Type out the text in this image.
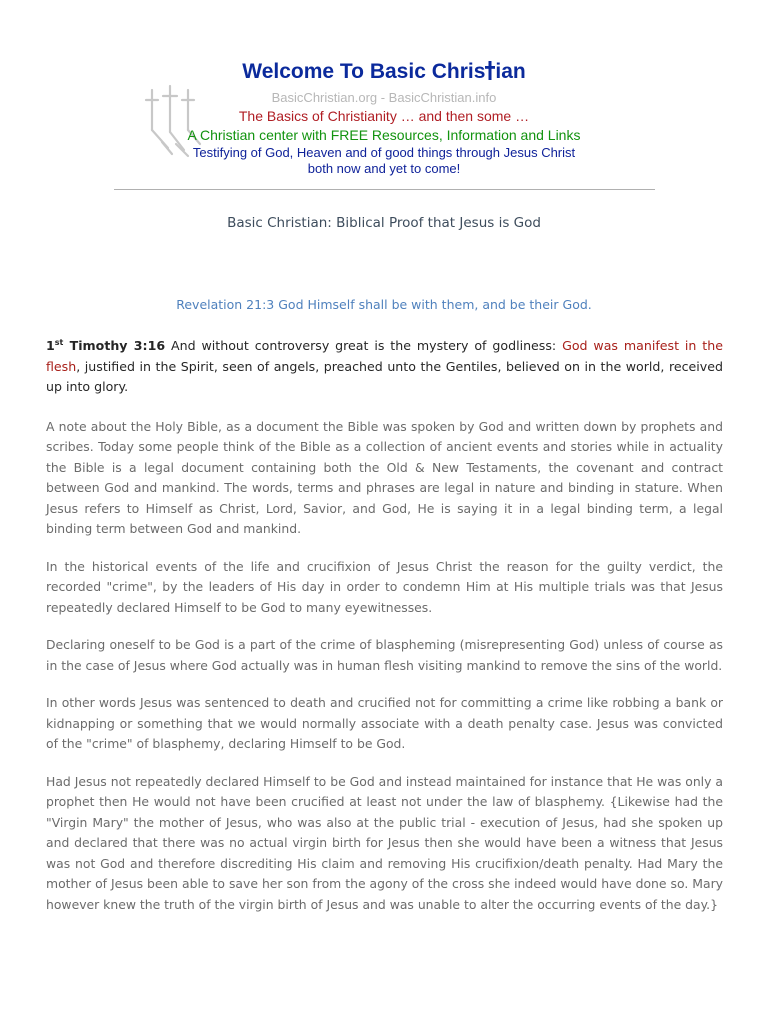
Welcome To Basic Chris ian

BasicChristian.org - BasicChristian.info

The Basics of Christianity … and then some …

A Christian center with FREE Resources, Information and Links

Testifying of God, Heaven and of good things through Jesus Christ

both now and yet to come!

Basic Christian: Biblical Proof that Jesus is God

Revelation 21:3 God Himself shall be with them, and be their God.

1st Timothy 3:16 And without controversy great is the mystery of godliness: God was manifest in the flesh, justified in the Spirit, seen of angels, preached unto the Gentiles, believed on in the world, received up into glory.

A note about the Holy Bible, as a document the Bible was spoken by God and written down by prophets and scribes. Today some people think of the Bible as a collection of ancient events and stories while in actuality the Bible is a legal document containing both the Old & New Testaments, the covenant and contract between God and mankind. The words, terms and phrases are legal in nature and binding in stature. When Jesus refers to Himself as Christ, Lord, Savior, and God, He is saying it in a legal binding term, a legal binding term between God and mankind.

In the historical events of the life and crucifixion of Jesus Christ the reason for the guilty verdict, the recorded "crime", by the leaders of His day in order to condemn Him at His multiple trials was that Jesus repeatedly declared Himself to be God to many eyewitnesses.

Declaring oneself to be God is a part of the crime of blaspheming (misrepresenting God) unless of course as in the case of Jesus where God actually was in human flesh visiting mankind to remove the sins of the world.

In other words Jesus was sentenced to death and crucified not for committing a crime like robbing a bank or kidnapping or something that we would normally associate with a death penalty case. Jesus was convicted of the "crime" of blasphemy, declaring Himself to be God.

Had Jesus not repeatedly declared Himself to be God and instead maintained for instance that He was only a prophet then He would not have been crucified at least not under the law of blasphemy. {Likewise had the "Virgin Mary" the mother of Jesus, who was also at the public trial - execution of Jesus, had she spoken up and declared that there was no actual virgin birth for Jesus then she would have been a witness that Jesus was not God and therefore discrediting His claim and removing His crucifixion/death penalty. Had Mary the mother of Jesus been able to save her son from the agony of the cross she indeed would have done so. Mary however knew the truth of the virgin birth of Jesus and was unable to alter the occurring events of the day.}
